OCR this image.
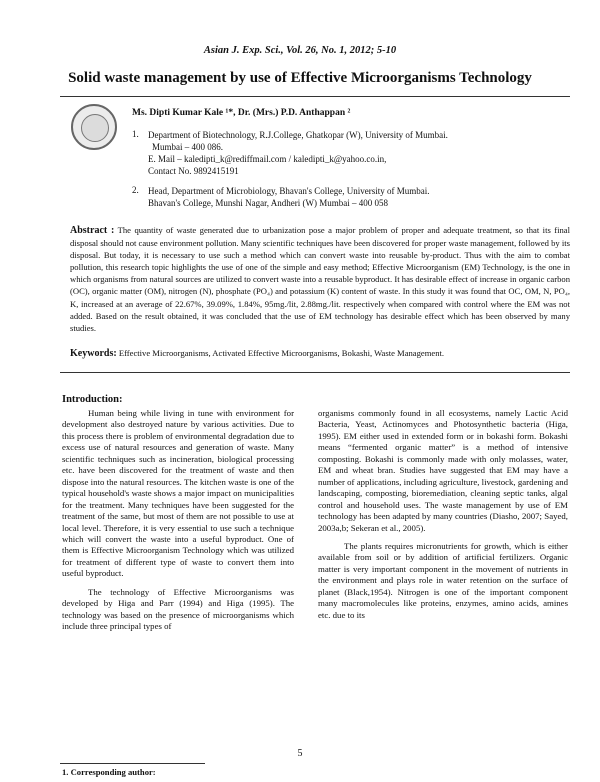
Asian J. Exp. Sci., Vol. 26, No. 1, 2012; 5-10
Solid waste management by use of Effective Microorganisms Technology
Ms. Dipti Kumar Kale ¹*, Dr. (Mrs.) P.D. Anthappan ²
1. Department of Biotechnology, R.J.College, Ghatkopar (W), University of Mumbai.
Mumbai – 400 086.
E. Mail – kaledipti_k@rediffmail.com / kaledipti_k@yahoo.co.in,
Contact No. 9892415191
2. Head, Department of Microbiology, Bhavan's College, University of Mumbai.
Bhavan's College, Munshi Nagar, Andheri (W) Mumbai – 400 058
Abstract : The quantity of waste generated due to urbanization pose a major problem of proper and adequate treatment, so that its final disposal should not cause environment pollution. Many scientific techniques have been discovered for proper waste management, followed by its disposal. But today, it is necessary to use such a method which can convert waste into reusable by-product. Thus with the aim to combat pollution, this research topic highlights the use of one of the simple and easy method; Effective Microorganism (EM) Technology, is the one in which organisms from natural sources are utilized to convert waste into a reusable byproduct. It has desirable effect of increase in organic carbon (OC), organic matter (OM), nitrogen (N), phosphate (PO₄) and potassium (K) content of waste. In this study it was found that OC, OM, N, PO₄, K, increased at an average of 22.67%, 39.09%, 1.84%, 95mg./lit, 2.88mg./lit. respectively when compared with control where the EM was not added. Based on the result obtained, it was concluded that the use of EM technology has desirable effect which has been observed by many studies.
Keywords: Effective Microorganisms, Activated Effective Microorganisms, Bokashi, Waste Management.
Introduction:

Human being while living in tune with environment for development also destroyed nature by various activities. Due to this process there is problem of environmental degradation due to excess use of natural resources and generation of waste. Many scientific techniques such as incineration, biological processing etc. have been discovered for the treatment of waste and then dispose into the natural resources. The kitchen waste is one of the typical household's waste shows a major impact on municipalities for the treatment. Many techniques have been suggested for the treatment of the same, but most of them are not possible to use at local level. Therefore, it is very essential to use such a technique which will convert the waste into a useful byproduct. One of them is Effective Microorganism Technology which was utilized for treatment of different type of waste to convert them into useful byproduct.

The technology of Effective Microorganisms was developed by Higa and Parr (1994) and Higa (1995). The technology was based on the presence of microorganisms which include three principal types of

organisms commonly found in all ecosystems, namely Lactic Acid Bacteria, Yeast, Actinomyces and Photosynthetic bacteria (Higa, 1995). EM either used in extended form or in bokashi form. Bokashi means “fermented organic matter” is a method of intensive composting. Bokashi is commonly made with only molasses, water, EM and wheat bran. Studies have suggested that EM may have a number of applications, including agriculture, livestock, gardening and landscaping, composting, bioremediation, cleaning septic tanks, algal control and household uses. The waste management by use of EM technology has been adapted by many countries (Diasho, 2007; Sayed, 2003a,b; Sekeran et al., 2005).

The plants requires micronutrients for growth, which is either available from soil or by addition of artificial fertilizers. Organic matter is very important component in the movement of nutrients in the environment and plays role in water retention on the surface of planet (Black,1954). Nitrogen is one of the important component many macromolecules like proteins, enzymes, amino acids, amines etc. due to its

1. Corresponding author:
5
